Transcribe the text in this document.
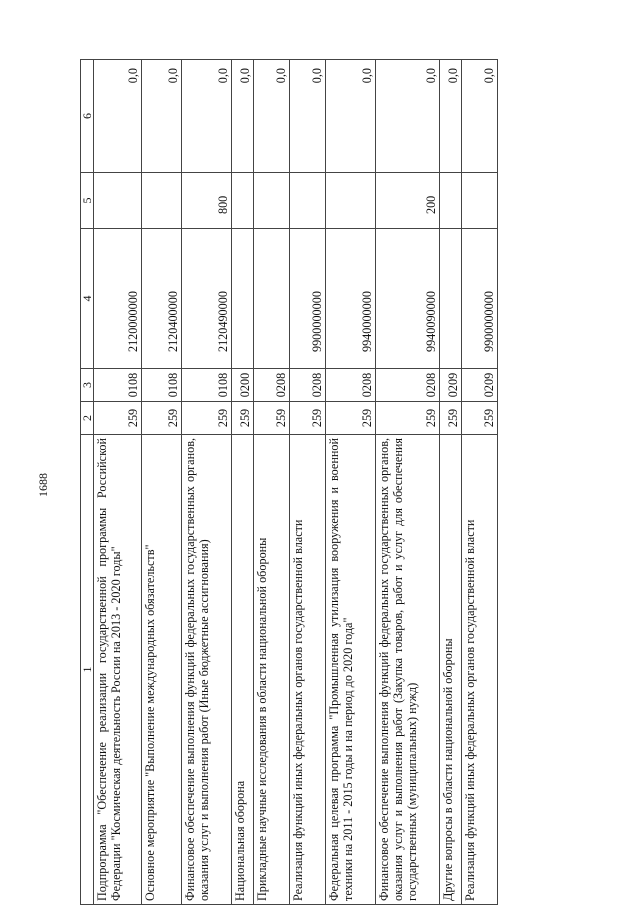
1688
1	2	3	4	5	6
Подпрограмма "Обеспечение реализации государственной программы Российской Федерации "Космическая деятельность России на 2013 - 2020 годы"	259	0108	2120000000		0,0
Основное мероприятие "Выполнение международных обязательств"	259	0108	2120400000		0,0
Финансовое обеспечение выполнения функций федеральных государственных органов, оказания услуг и выполнения работ (Иные бюджетные ассигнования)	259	0108	2120490000	800	0,0
Национальная оборона	259	0200			0,0
Прикладные научные исследования в области национальной обороны	259	0208			0,0
Реализация функций иных федеральных органов государственной власти	259	0208	9900000000		0,0
Федеральная целевая программа "Промышленная утилизация вооружения и военной техники на 2011 - 2015 годы и на период до 2020 года"	259	0208	9940000000		0,0
Финансовое обеспечение выполнения функций федеральных государственных органов, оказания услуг и выполнения работ (Закупка товаров, работ и услуг для обеспечения государственных (муниципальных) нужд)	259	0208	9940090000	200	0,0
Другие вопросы в области национальной обороны	259	0209			0,0
Реализация функций иных федеральных органов государственной власти	259	0209	9900000000		0,0
